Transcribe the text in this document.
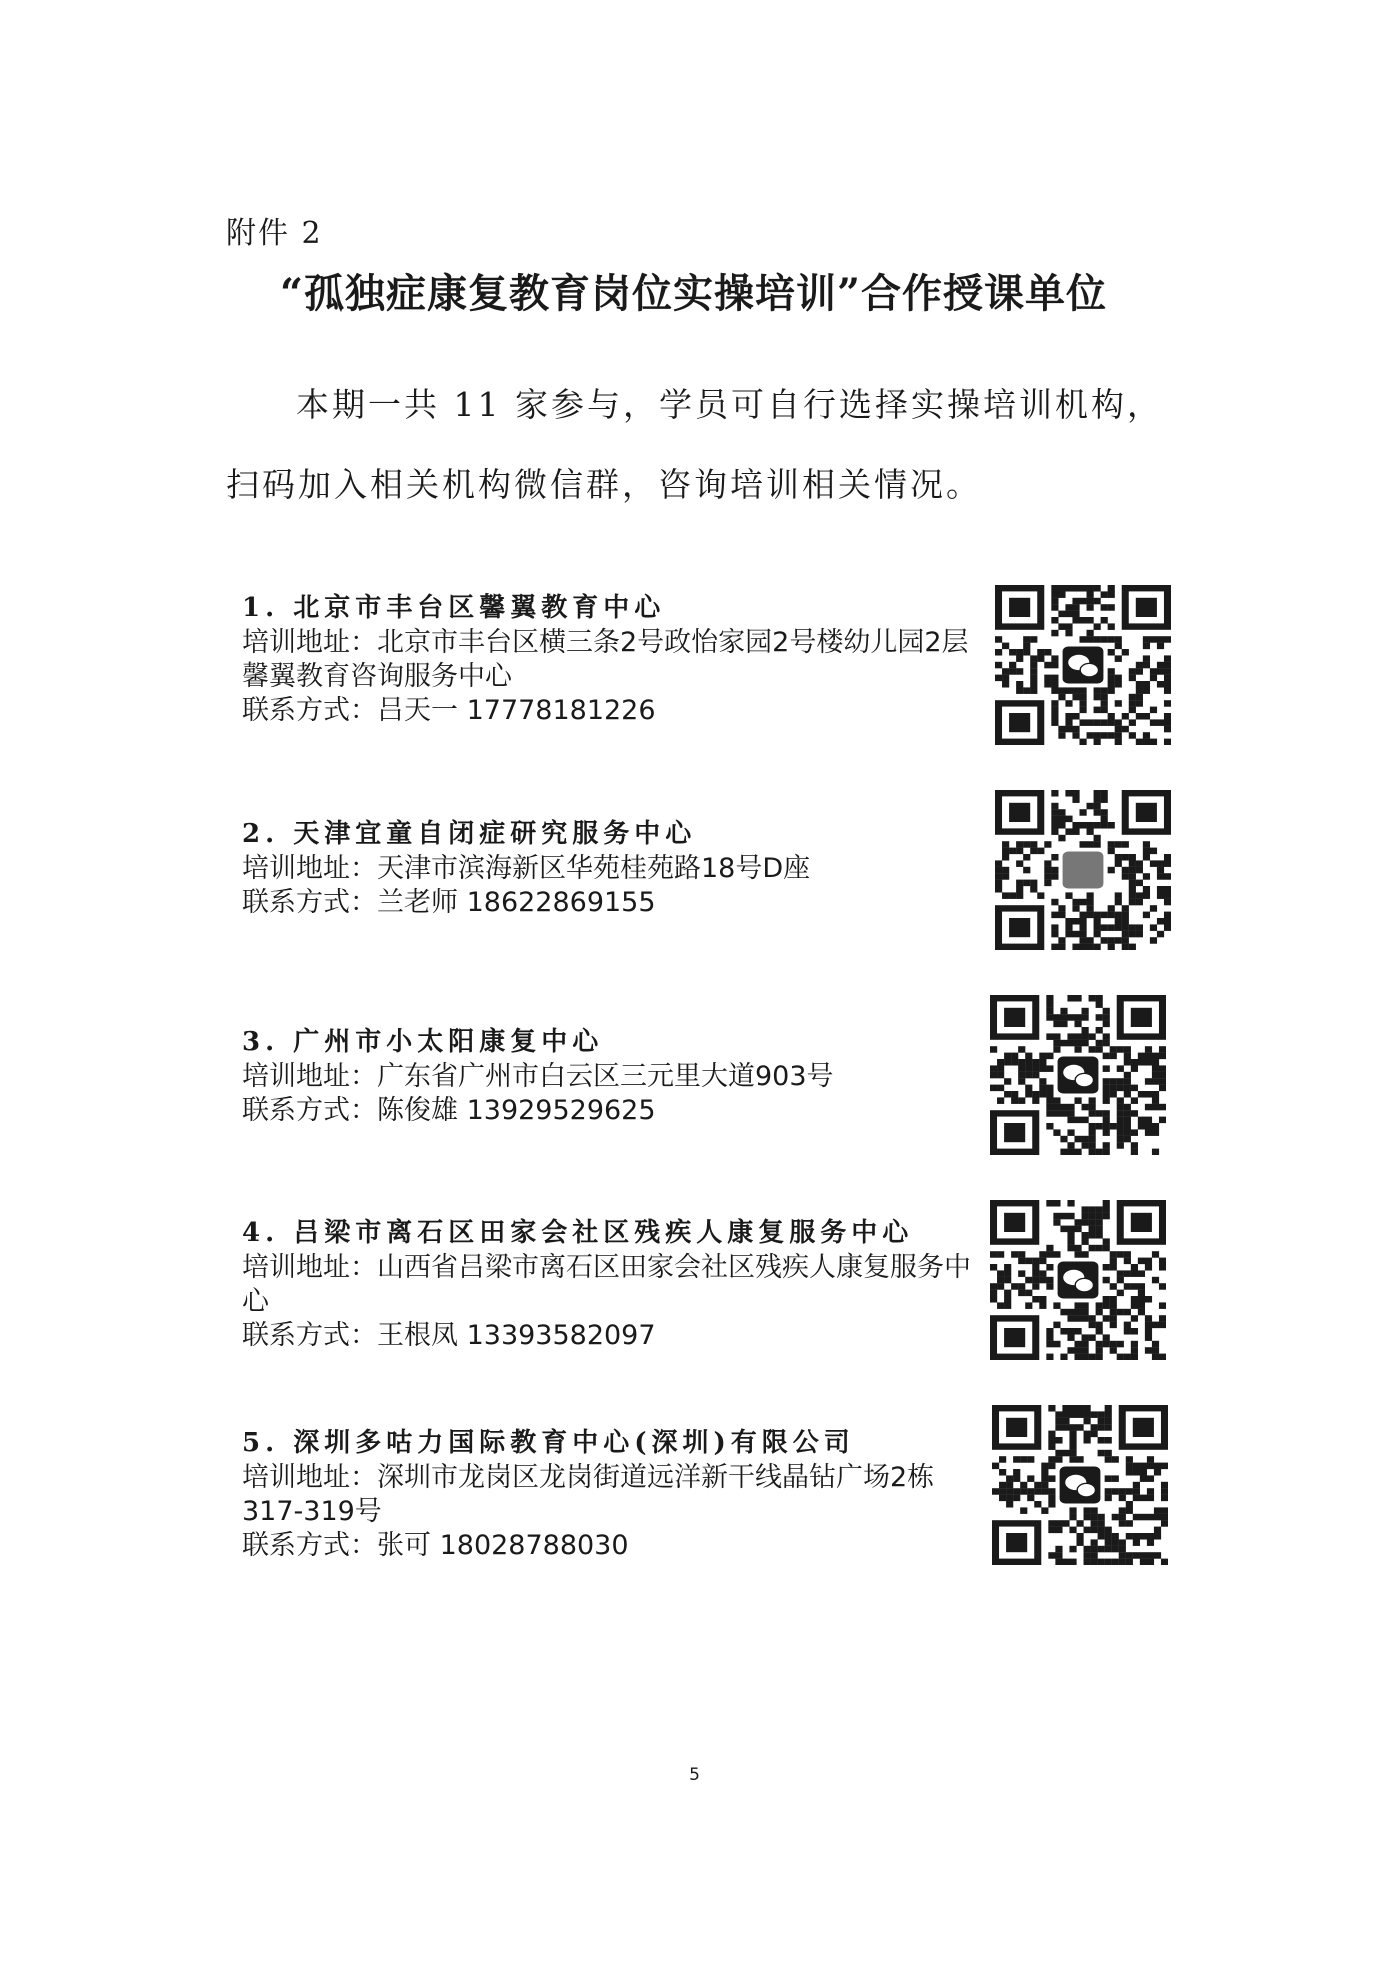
附件 2
“孤独症康复教育岗位实操培训”合作授课单位
本期一共 11 家参与，学员可自行选择实操培训机构，
扫码加入相关机构微信群，咨询培训相关情况。
1. 北京市丰台区馨翼教育中心
培训地址：北京市丰台区横三条2号政怡家园2号楼幼儿园2层馨翼教育咨询服务中心
联系方式：吕天一 17778181226
2. 天津宜童自闭症研究服务中心
培训地址：天津市滨海新区华苑桂苑路18号D座
联系方式：兰老师 18622869155
3. 广州市小太阳康复中心
培训地址：广东省广州市白云区三元里大道903号
联系方式：陈俊雄 13929529625
4. 吕梁市离石区田家会社区残疾人康复服务中心
培训地址：山西省吕梁市离石区田家会社区残疾人康复服务中心
联系方式：王根凤 13393582097
5. 深圳多咕力国际教育中心(深圳)有限公司
培训地址：深圳市龙岗区龙岗街道远洋新干线晶钻广场2栋317-319号
联系方式：张可 18028788030
5
